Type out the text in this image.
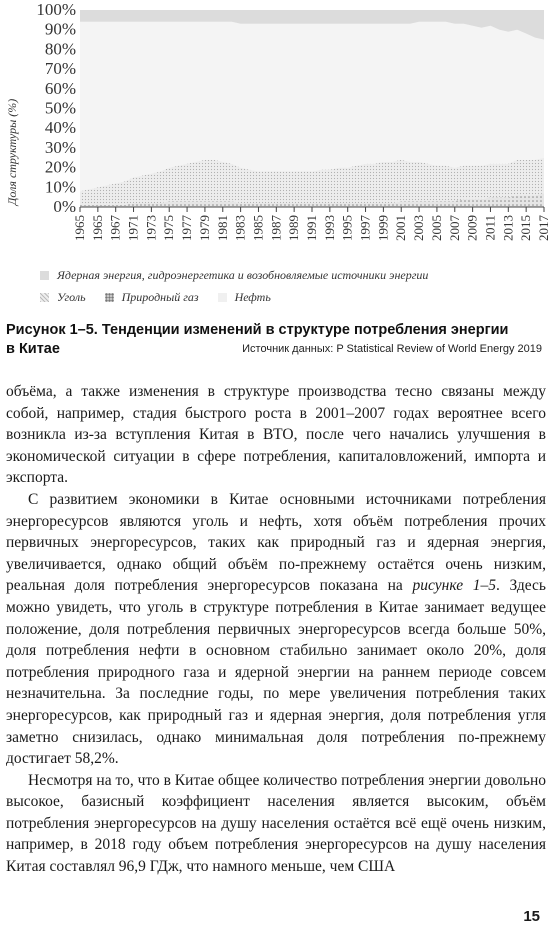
0%
10%
20%
30%
40%
50%
60%
70%
80%
90%
100%
1965 1965 1967 1971 1973 1975 1977 1979 1981 1983 1985 1987 1989 1991 1993 1995 1997 1999 2001 2003 2005 2007 2009 2011 2013 2015 2017
Доля структуры (%)
Ядерная энергия, гидроэнергетика и возобновляемые источники энергии
Уголь	Природный газ	Нефть
Рисунок 1–5. Тенденции изменений в структуре потребления энергии
в Китае	Источник данных: P Statistical Review of World Energy 2019

объёма, а также изменения в структуре производства тесно связаны между собой, например, стадия быстрого роста в 2001–2007 годах вероятнее всего возникла из-за вступления Китая в ВТО, после чего начались улучшения в экономической ситуации в сфере потребления, капиталовложений, импорта и экспорта.

С развитием экономики в Китае основными источниками потребления энергоресурсов являются уголь и нефть, хотя объём потребления прочих первичных энергоресурсов, таких как природный газ и ядерная энергия, увеличивается, однако общий объём по-прежнему остаётся очень низким, реальная доля потребления энергоресурсов показана на рисунке 1–5. Здесь можно увидеть, что уголь в структуре потребления в Китае занимает ведущее положение, доля потребления первичных энергоресурсов всегда больше 50%, доля потребления нефти в основном стабильно занимает около 20%, доля потребления природного газа и ядерной энергии на раннем периоде совсем незначительна. За последние годы, по мере увеличения потребления таких энергоресурсов, как природный газ и ядерная энергия, доля потребления угля заметно снизилась, однако минимальная доля потребления по-прежнему достигает 58,2%.

Несмотря на то, что в Китае общее количество потребления энергии довольно высокое, базисный коэффициент населения является высоким, объём потребления энергоресурсов на душу населения остаётся всё ещё очень низким, например, в 2018 году объем потребления энергоресурсов на душу населения Китая составлял 96,9 ГДж, что намного меньше, чем США

15
